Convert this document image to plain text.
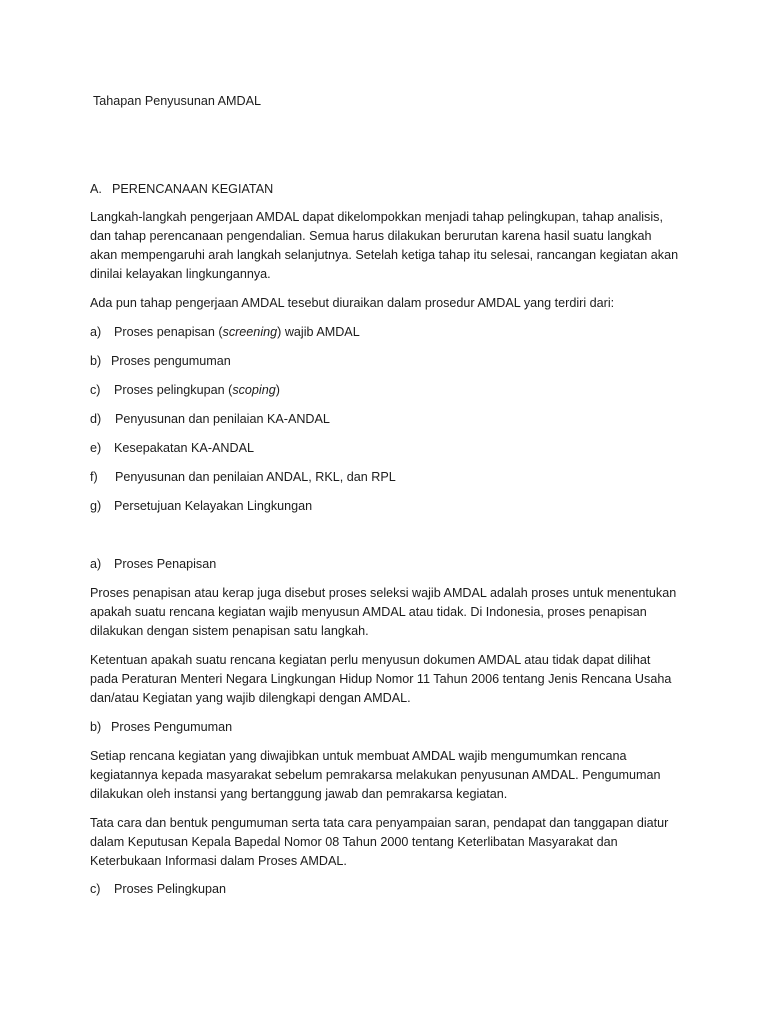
Tahapan Penyusunan AMDAL
A. PERENCANAAN KEGIATAN
Langkah-langkah pengerjaan AMDAL dapat dikelompokkan menjadi tahap pelingkupan, tahap analisis,
dan tahap perencanaan pengendalian. Semua harus dilakukan berurutan karena hasil suatu langkah
akan mempengaruhi arah langkah selanjutnya. Setelah ketiga tahap itu selesai, rancangan kegiatan akan
dinilai kelayakan lingkungannya.
Ada pun tahap pengerjaan AMDAL tesebut diuraikan dalam prosedur AMDAL yang terdiri dari:
a) Proses penapisan (screening) wajib AMDAL
b) Proses pengumuman
c) Proses pelingkupan (scoping)
d) Penyusunan dan penilaian KA-ANDAL
e) Kesepakatan KA-ANDAL
f) Penyusunan dan penilaian ANDAL, RKL, dan RPL
g) Persetujuan Kelayakan Lingkungan
a) Proses Penapisan
Proses penapisan atau kerap juga disebut proses seleksi wajib AMDAL adalah proses untuk menentukan
apakah suatu rencana kegiatan wajib menyusun AMDAL atau tidak. Di Indonesia, proses penapisan
dilakukan dengan sistem penapisan satu langkah.
Ketentuan apakah suatu rencana kegiatan perlu menyusun dokumen AMDAL atau tidak dapat dilihat
pada Peraturan Menteri Negara Lingkungan Hidup Nomor 11 Tahun 2006 tentang Jenis Rencana Usaha
dan/atau Kegiatan yang wajib dilengkapi dengan AMDAL.
b) Proses Pengumuman
Setiap rencana kegiatan yang diwajibkan untuk membuat AMDAL wajib mengumumkan rencana
kegiatannya kepada masyarakat sebelum pemrakarsa melakukan penyusunan AMDAL. Pengumuman
dilakukan oleh instansi yang bertanggung jawab dan pemrakarsa kegiatan.
Tata cara dan bentuk pengumuman serta tata cara penyampaian saran, pendapat dan tanggapan diatur
dalam Keputusan Kepala Bapedal Nomor 08 Tahun 2000 tentang Keterlibatan Masyarakat dan
Keterbukaan Informasi dalam Proses AMDAL.
c) Proses Pelingkupan
